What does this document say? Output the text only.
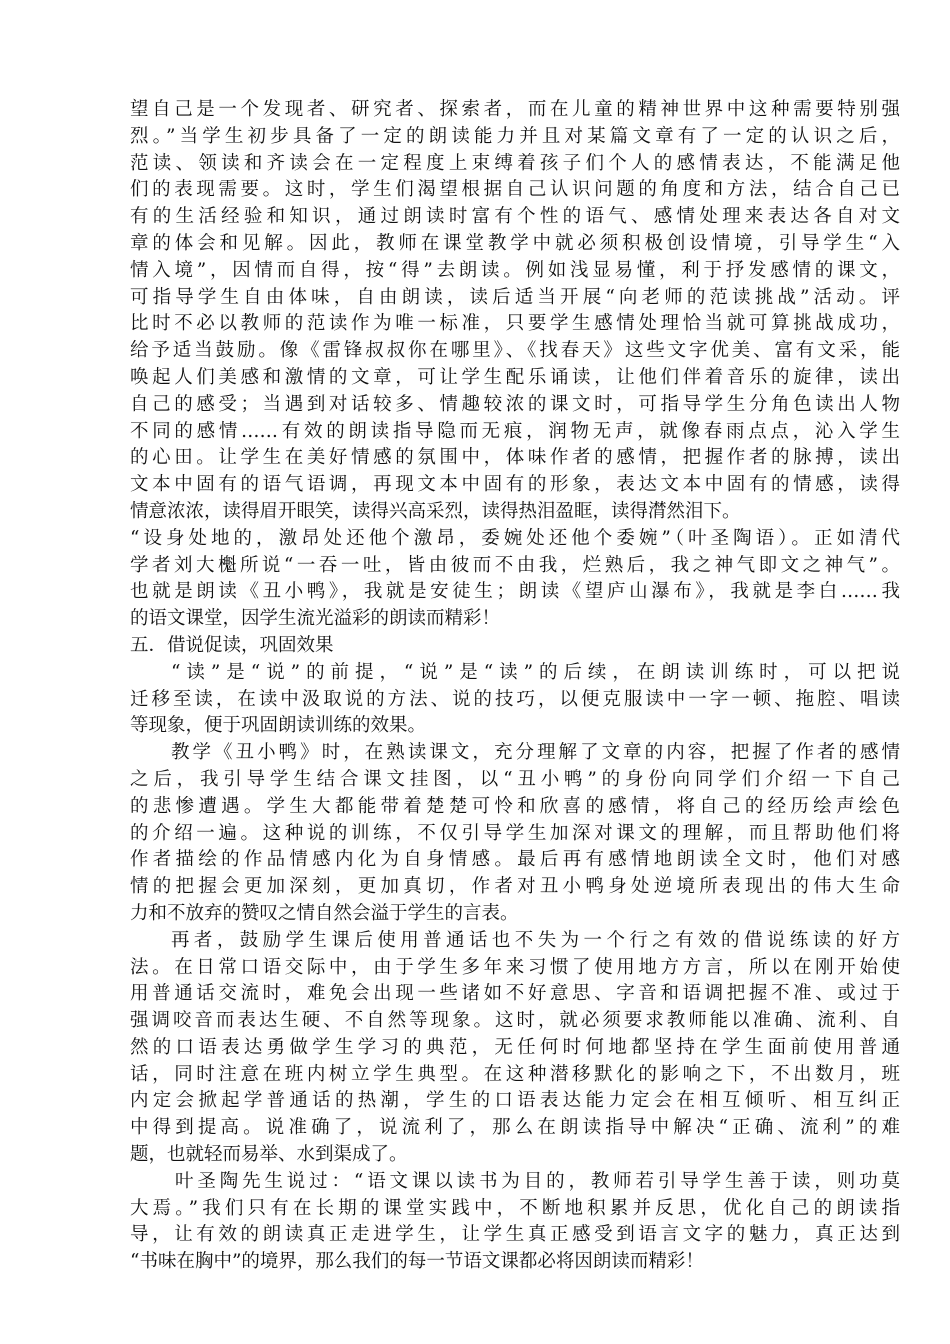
望自己是一个发现者、研究者、探索者，而在儿童的精神世界中这种需要特别强
烈。”当学生初步具备了一定的朗读能力并且对某篇文章有了一定的认识之后，
范读、领读和齐读会在一定程度上束缚着孩子们个人的感情表达，不能满足他
们的表现需要。这时，学生们渴望根据自己认识问题的角度和方法，结合自己已
有的生活经验和知识，通过朗读时富有个性的语气、感情处理来表达各自对文
章的体会和见解。因此，教师在课堂教学中就必须积极创设情境，引导学生“入
情入境”，因情而自得，按“得”去朗读。例如浅显易懂，利于抒发感情的课文，
可指导学生自由体味，自由朗读，读后适当开展“向老师的范读挑战”活动。评
比时不必以教师的范读作为唯一标准，只要学生感情处理恰当就可算挑战成功，
给予适当鼓励。像《雷锋叔叔你在哪里》、《找春天》这些文字优美、富有文采，能
唤起人们美感和激情的文章，可让学生配乐诵读，让他们伴着音乐的旋律，读出
自己的感受；当遇到对话较多、情趣较浓的课文时，可指导学生分角色读出人物
不同的感情……有效的朗读指导隐而无痕，润物无声，就像春雨点点，沁入学生
的心田。让学生在美好情感的氛围中，体味作者的感情，把握作者的脉搏，读出
文本中固有的语气语调，再现文本中固有的形象，表达文本中固有的情感，读得
情意浓浓，读得眉开眼笑，读得兴高采烈，读得热泪盈眶，读得潸然泪下。
“设身处地的，激昂处还他个激昂，委婉处还他个委婉”（叶圣陶语）。正如清代
学者刘大櫆所说“一吞一吐，皆由彼而不由我，烂熟后，我之神气即文之神气”。
也就是朗读《丑小鸭》，我就是安徒生；朗读《望庐山瀑布》，我就是李白……我
的语文课堂，因学生流光溢彩的朗读而精彩！
五．借说促读，巩固效果
“读”是“说”的前提，“说”是“读”的后续，在朗读训练时，可以把说
迁移至读，在读中汲取说的方法、说的技巧，以便克服读中一字一顿、拖腔、唱读
等现象，便于巩固朗读训练的效果。
教学《丑小鸭》时，在熟读课文，充分理解了文章的内容，把握了作者的感情
之后，我引导学生结合课文挂图，以“丑小鸭”的身份向同学们介绍一下自己
的悲惨遭遇。学生大都能带着楚楚可怜和欣喜的感情，将自己的经历绘声绘色
的介绍一遍。这种说的训练，不仅引导学生加深对课文的理解，而且帮助他们将
作者描绘的作品情感内化为自身情感。最后再有感情地朗读全文时，他们对感
情的把握会更加深刻，更加真切，作者对丑小鸭身处逆境所表现出的伟大生命
力和不放弃的赞叹之情自然会溢于学生的言表。
再者，鼓励学生课后使用普通话也不失为一个行之有效的借说练读的好方
法。在日常口语交际中，由于学生多年来习惯了使用地方方言，所以在刚开始使
用普通话交流时，难免会出现一些诸如不好意思、字音和语调把握不准、或过于
强调咬音而表达生硬、不自然等现象。这时，就必须要求教师能以准确、流利、自
然的口语表达勇做学生学习的典范，无任何时何地都坚持在学生面前使用普通
话，同时注意在班内树立学生典型。在这种潜移默化的影响之下，不出数月，班
内定会掀起学普通话的热潮，学生的口语表达能力定会在相互倾听、相互纠正
中得到提高。说准确了，说流利了，那么在朗读指导中解决“正确、流利”的难
题，也就轻而易举、水到渠成了。
叶圣陶先生说过：“语文课以读书为目的，教师若引导学生善于读，则功莫
大焉。”我们只有在长期的课堂实践中，不断地积累并反思，优化自己的朗读指
导，让有效的朗读真正走进学生，让学生真正感受到语言文字的魅力，真正达到
“书味在胸中”的境界，那么我们的每一节语文课都必将因朗读而精彩！
